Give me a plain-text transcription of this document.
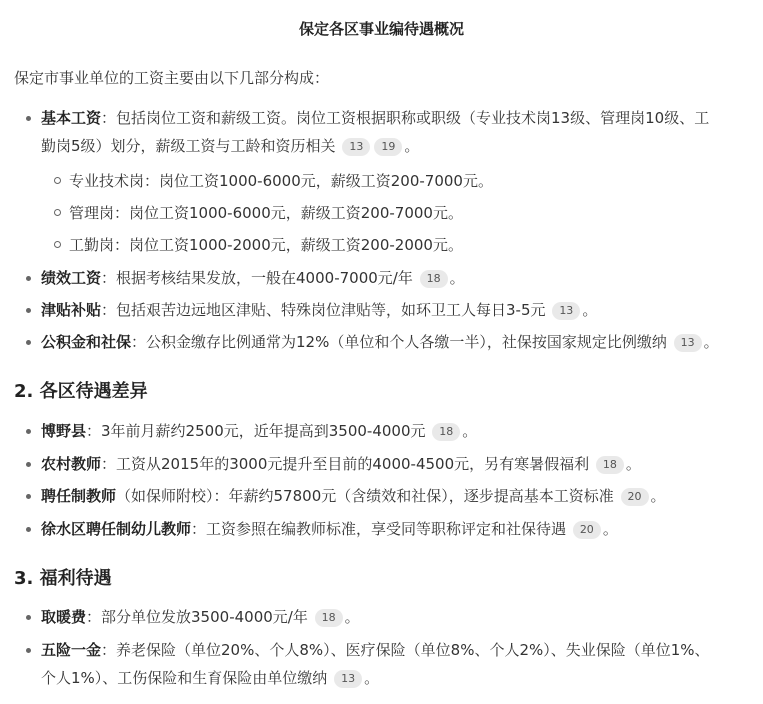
保定各区事业编待遇概况
保定市事业单位的工资主要由以下几部分构成：
基本工资：包括岗位工资和薪级工资。岗位工资根据职称或职级（专业技术岗13级、管理岗10级、工
勤岗5级）划分，薪级工资与工龄和资历相关 13 19 。
专业技术岗：岗位工资1000-6000元，薪级工资200-7000元。
管理岗：岗位工资1000-6000元，薪级工资200-7000元。
工勤岗：岗位工资1000-2000元，薪级工资200-2000元。
绩效工资：根据考核结果发放，一般在4000-7000元/年 18 。
津贴补贴：包括艰苦边远地区津贴、特殊岗位津贴等，如环卫工人每日3-5元 13 。
公积金和社保：公积金缴存比例通常为12%（单位和个人各缴一半），社保按国家规定比例缴纳 13 。
2. 各区待遇差异
博野县：3年前月薪约2500元，近年提高到3500-4000元 18 。
农村教师：工资从2015年的3000元提升至目前的4000-4500元，另有寒暑假福利 18 。
聘任制教师（如保师附校）：年薪约57800元（含绩效和社保），逐步提高基本工资标准 20 。
徐水区聘任制幼儿教师：工资参照在编教师标准，享受同等职称评定和社保待遇 20 。
3. 福利待遇
取暖费：部分单位发放3500-4000元/年 18 。
五险一金：养老保险（单位20%、个人8%）、医疗保险（单位8%、个人2%）、失业保险（单位1%、
个人1%）、工伤保险和生育保险由单位缴纳 13 。
